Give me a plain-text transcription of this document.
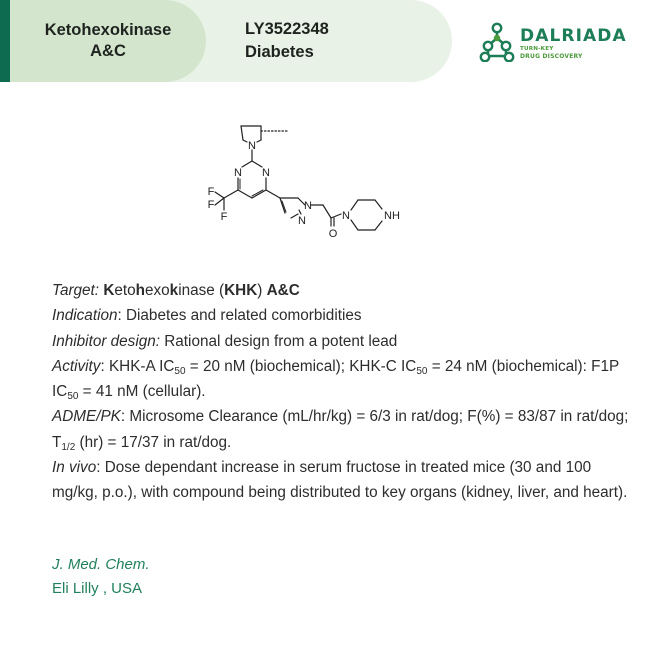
Ketohexokinase
A&C
LY3522348
Diabetes
DALRIADA
TURN-KEY
DRUG DISCOVERY
N
N
N
F
F
F
N
N	N
O
NH

Target: Ketohexokinase (KHK) A&C

Indication: Diabetes and related comorbidities

Inhibitor design: Rational design from a potent lead

Activity: KHK-A $IC_{50} = 20$ nM (biochemical); KHK-C $IC_{50} = 24$ nM (biochemical): F1P $IC_{50} = 41$ nM (cellular).

ADME/PK: Microsome Clearance (mL/hr/kg) = 6/3 in rat/dog; F(%) = 83/87 in rat/dog; $T_{1/2}$ (hr) = 17/37 in rat/dog.

In vivo: Dose dependant increase in serum fructose in treated mice (30 and 100 mg/kg, p.o.), with compound being distributed to key organs (kidney, liver, and heart).

J. Med. Chem.
Eli Lilly , USA
